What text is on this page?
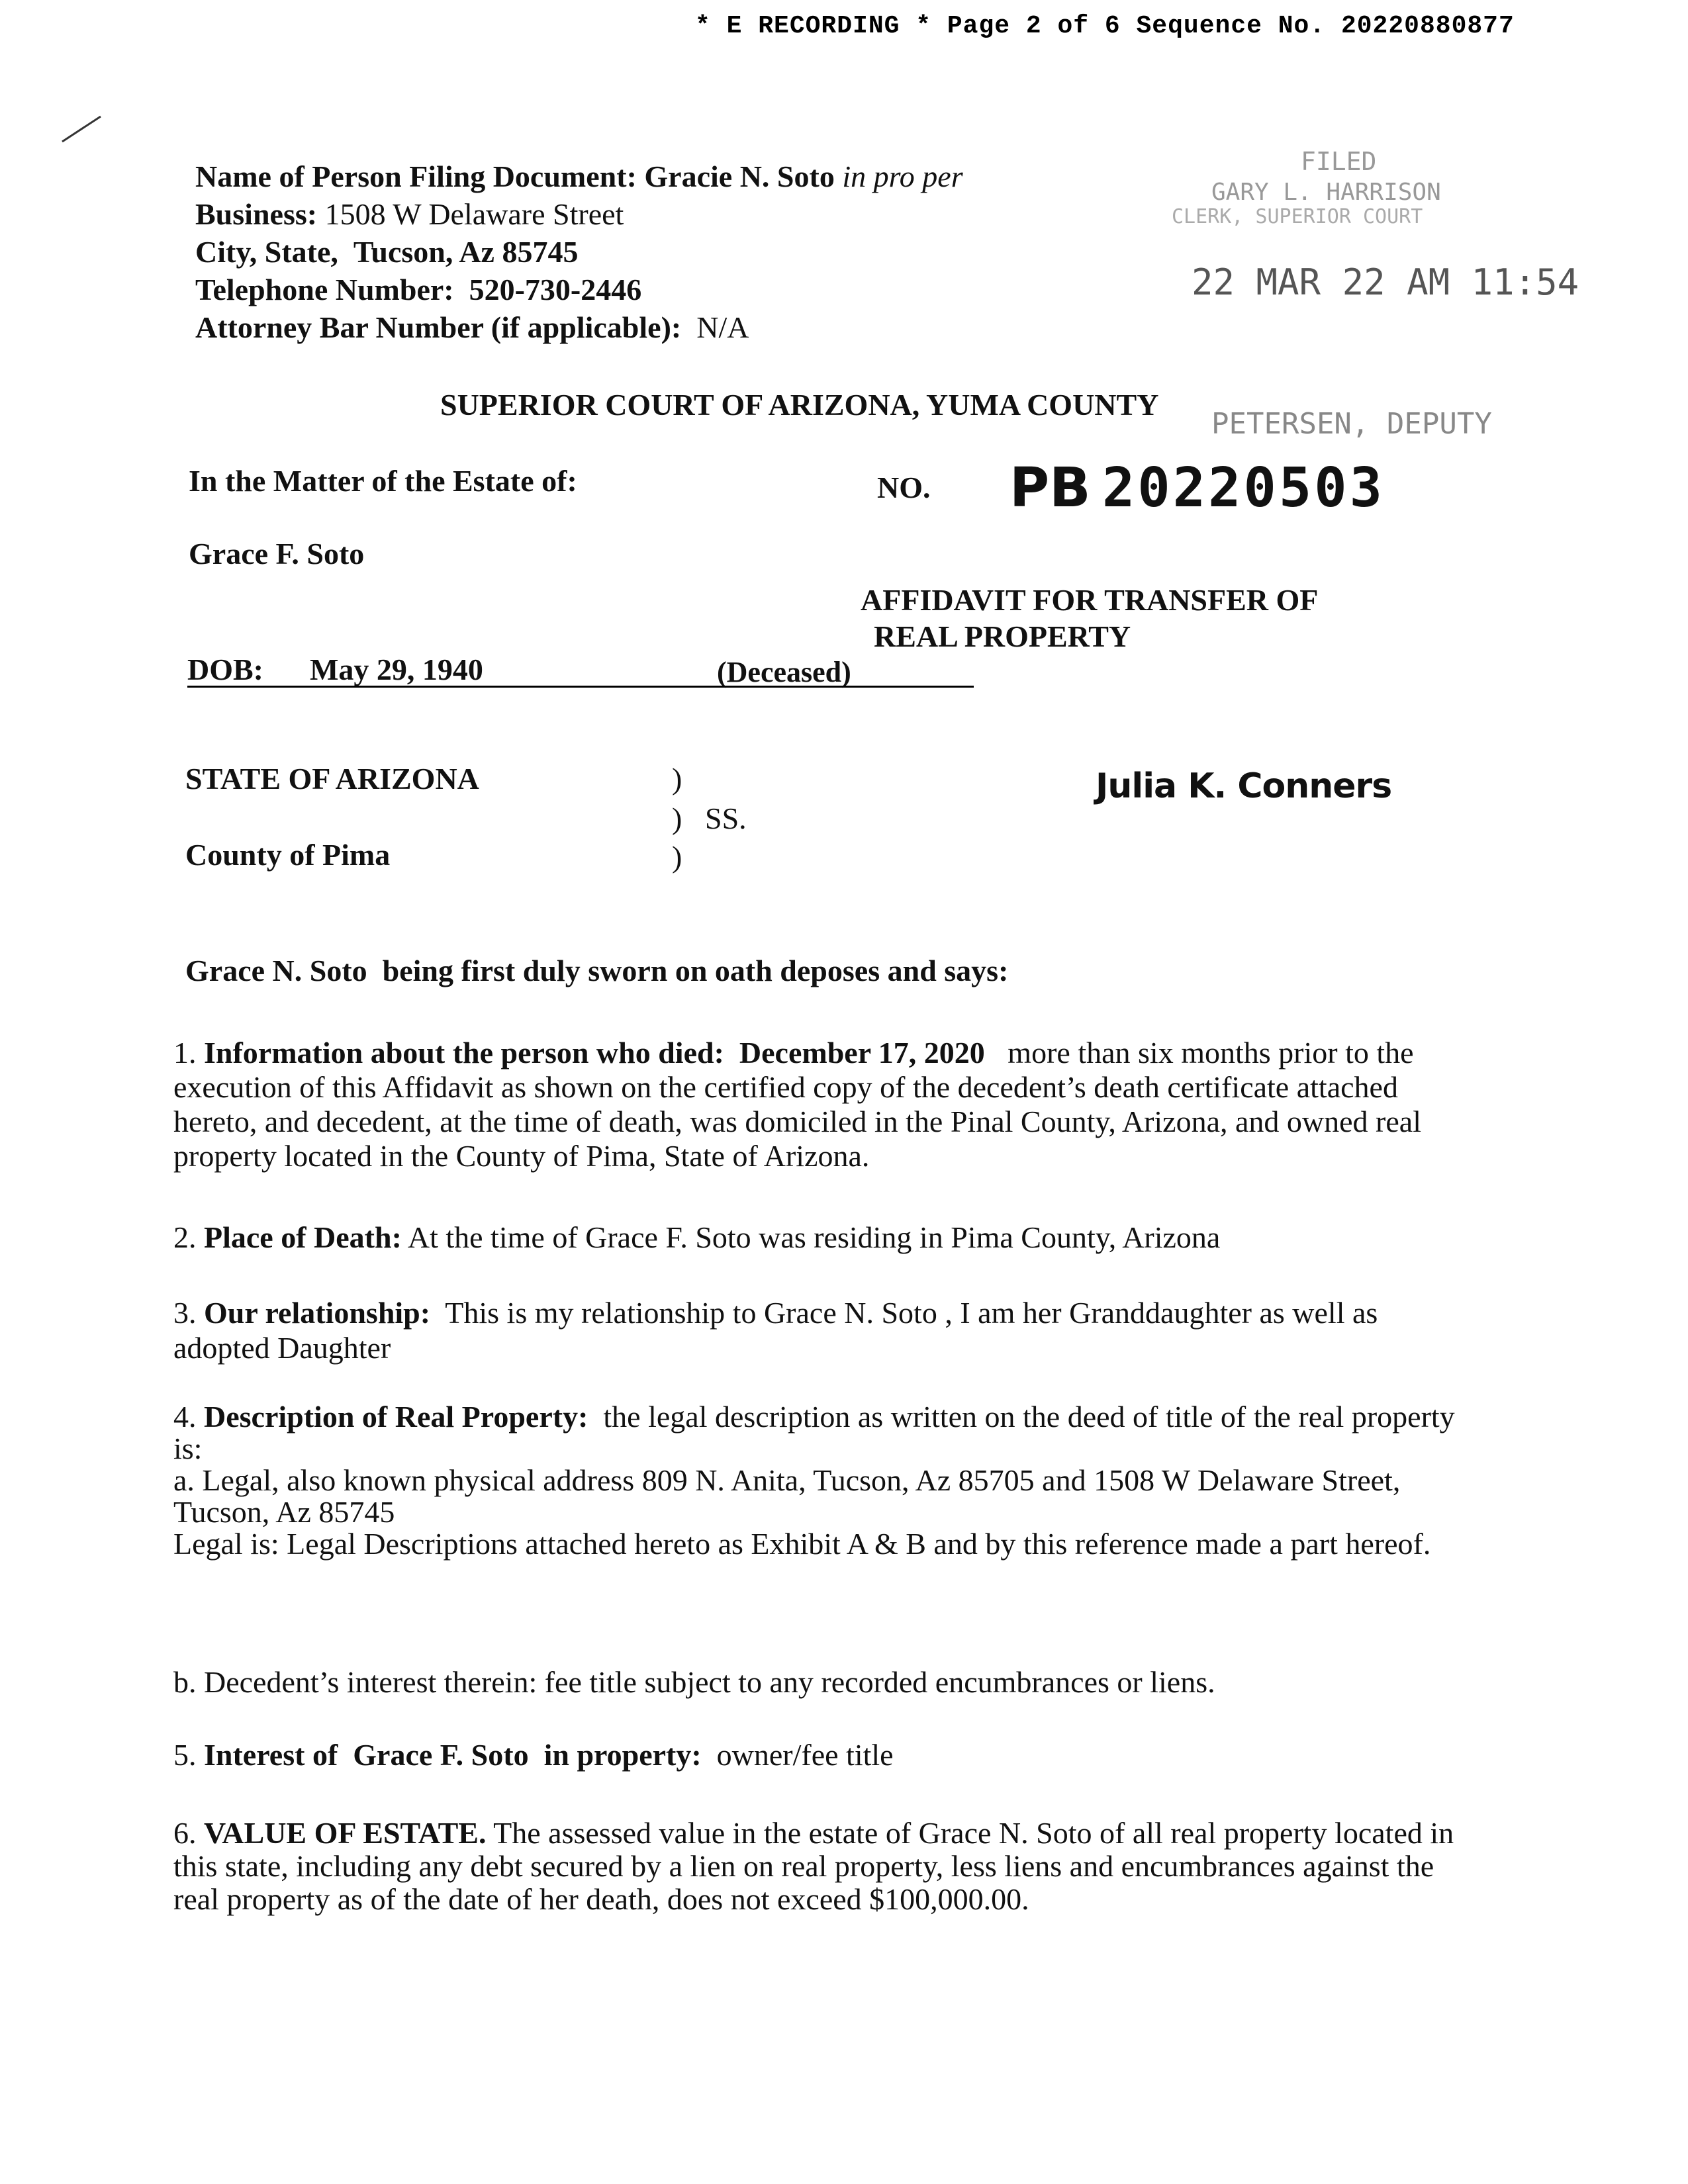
* E RECORDING * Page 2 of 6 Sequence No. 20220880877
Name of Person Filing Document: Gracie N. Soto in pro per
Business: 1508 W Delaware Street
City, State, Tucson, Az 85745
Telephone Number: 520-730-2446
Attorney Bar Number (if applicable): N/A
FILED
GARY L. HARRISON
CLERK, SUPERIOR COURT
22 MAR 22 AM 11:54
PETERSEN, DEPUTY
SUPERIOR COURT OF ARIZONA, YUMA COUNTY
In the Matter of the Estate of:
Grace F. Soto
NO. PB 20220503
AFFIDAVIT FOR TRANSFER OF
REAL PROPERTY
DOB: May 29, 1940	(Deceased)
STATE OF ARIZONA
County of Pima
)
) SS.
)
Julia K. Conners
Grace N. Soto being first duly sworn on oath deposes and says:
1. Information about the person who died: December 17, 2020 more than six months prior to the execution of this Affidavit as shown on the certified copy of the decedent’s death certificate attached hereto, and decedent, at the time of death, was domiciled in the Pinal County, Arizona, and owned real property located in the County of Pima, State of Arizona.
2. Place of Death: At the time of Grace F. Soto was residing in Pima County, Arizona
3. Our relationship: This is my relationship to Grace N. Soto , I am her Granddaughter as well as adopted Daughter
4. Description of Real Property: the legal description as written on the deed of title of the real property is:
a. Legal, also known physical address 809 N. Anita, Tucson, Az 85705 and 1508 W Delaware Street, Tucson, Az 85745
Legal is: Legal Descriptions attached hereto as Exhibit A & B and by this reference made a part hereof.
b. Decedent’s interest therein: fee title subject to any recorded encumbrances or liens.
5. Interest of Grace F. Soto in property: owner/fee title
6. VALUE OF ESTATE. The assessed value in the estate of Grace N. Soto of all real property located in this state, including any debt secured by a lien on real property, less liens and encumbrances against the real property as of the date of her death, does not exceed $100,000.00.
